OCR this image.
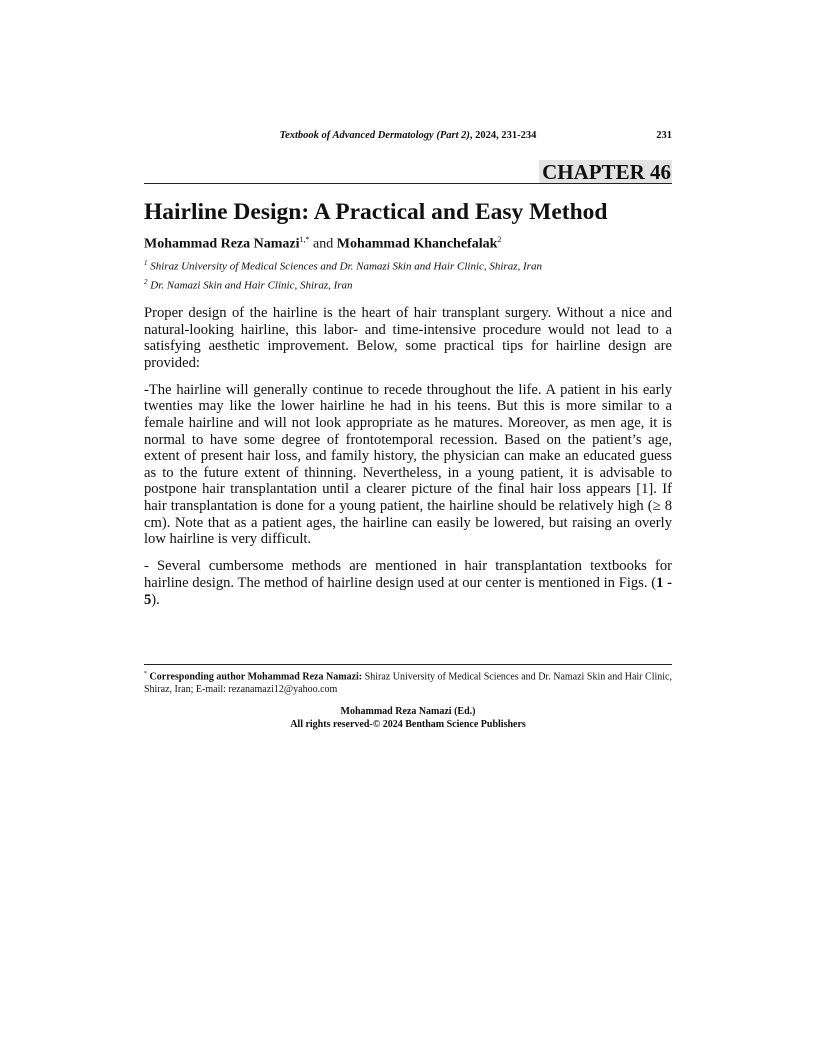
Textbook of Advanced Dermatology (Part 2), 2024, 231-234	231
CHAPTER 46
Hairline Design: A Practical and Easy Method
Mohammad Reza Namazi$^{1,*}$ and Mohammad Khanchefalak$^2$
$^1$ Shiraz University of Medical Sciences and Dr. Namazi Skin and Hair Clinic, Shiraz, Iran
$^2$ Dr. Namazi Skin and Hair Clinic, Shiraz, Iran

Proper design of the hairline is the heart of hair transplant surgery. Without a nice and natural-looking hairline, this labor- and time-intensive procedure would not lead to a satisfying aesthetic improvement. Below, some practical tips for hairline design are provided:

-The hairline will generally continue to recede throughout the life. A patient in his early twenties may like the lower hairline he had in his teens. But this is more similar to a female hairline and will not look appropriate as he matures. Moreover, as men age, it is normal to have some degree of frontotemporal recession. Based on the patient’s age, extent of present hair loss, and family history, the physician can make an educated guess as to the future extent of thinning. Nevertheless, in a young patient, it is advisable to postpone hair transplantation until a clearer picture of the final hair loss appears [1]. If hair transplantation is done for a young patient, the hairline should be relatively high (≥ 8 cm). Note that as a patient ages, the hairline can easily be lowered, but raising an overly low hairline is very difficult.

- Several cumbersome methods are mentioned in hair transplantation textbooks for hairline design. The method of hairline design used at our center is mentioned in Figs. (1 - 5).

* Corresponding author Mohammad Reza Namazi: Shiraz University of Medical Sciences and Dr. Namazi Skin and Hair Clinic, Shiraz, Iran; E-mail: rezanamazi12@yahoo.com
Mohammad Reza Namazi (Ed.)
All rights reserved-© 2024 Bentham Science Publishers
